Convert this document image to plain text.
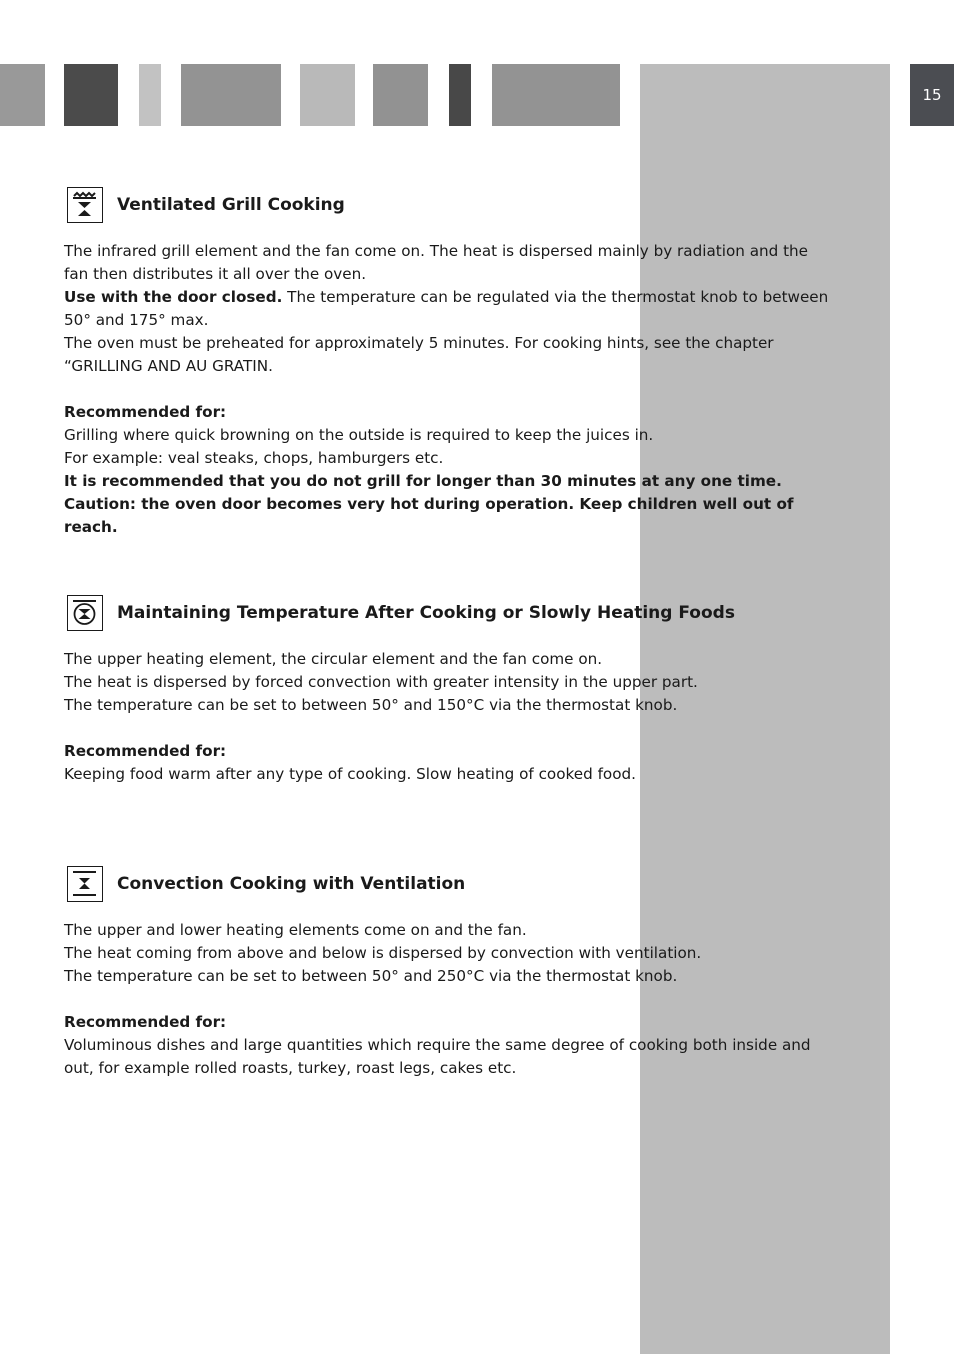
15
Ventilated Grill Cooking

The infrared grill element and the fan come on. The heat is dispersed mainly by radiation and the fan then distributes it all over the oven.

Use with the door closed. The temperature can be regulated via the thermostat knob to between 50° and 175° max.

The oven must be preheated for approximately 5 minutes. For cooking hints, see the chapter “GRILLING AND AU GRATIN.

Recommended for:

Grilling where quick browning on the outside is required to keep the juices in.

For example: veal steaks, chops, hamburgers etc.

It is recommended that you do not grill for longer than 30 minutes at any one time.

Caution: the oven door becomes very hot during operation. Keep children well out of reach.

Maintaining Temperature After Cooking or Slowly Heating Foods

The upper heating element, the circular element and the fan come on.

The heat is dispersed by forced convection with greater intensity in the upper part.

The temperature can be set to between 50° and 150°C via the thermostat knob.

Recommended for:

Keeping food warm after any type of cooking. Slow heating of cooked food.

Convection Cooking with Ventilation

The upper and lower heating elements come on and the fan.

The heat coming from above and below is dispersed by convection with ventilation.

The temperature can be set to between 50° and 250°C via the thermostat knob.

Recommended for:

Voluminous dishes and large quantities which require the same degree of cooking both inside and out, for example rolled roasts, turkey, roast legs, cakes etc.
